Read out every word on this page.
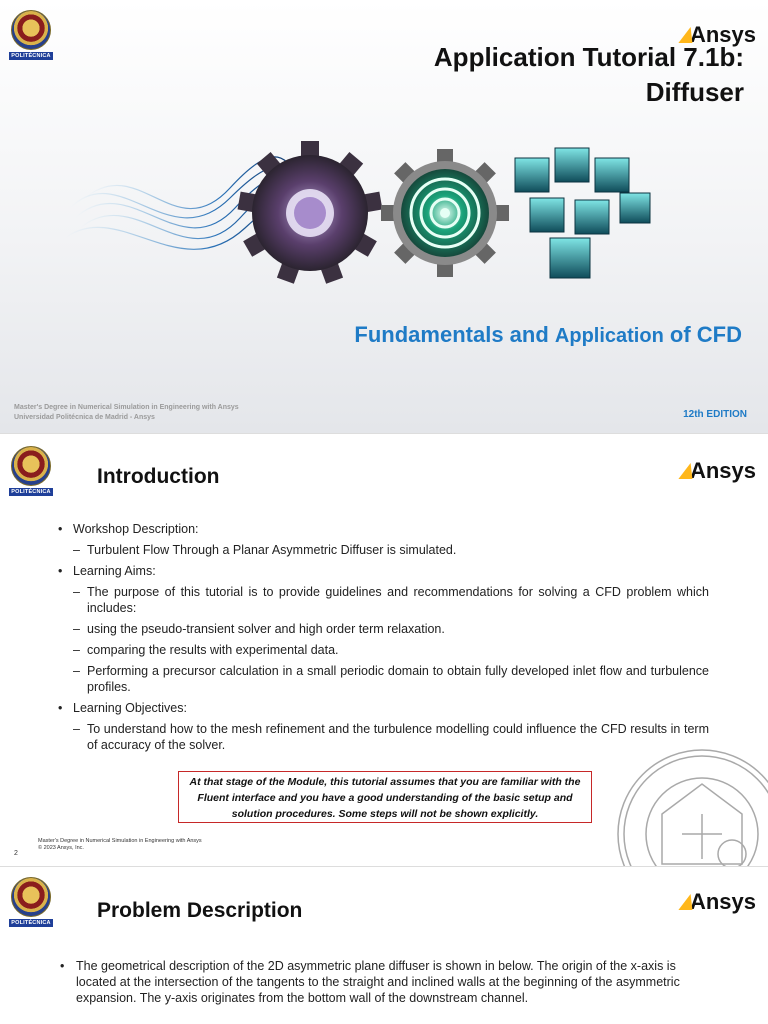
POLITÉCNICA
Ansys
Application Tutorial 7.1b:
Diffuser
Fundamentals and Application of CFD
Master's Degree in Numerical Simulation in Engineering with Ansys
Universidad Politécnica de Madrid - Ansys	12th EDITION
POLITÉCNICA
Ansys
Introduction
• Workshop Description:
– Turbulent Flow Through a Planar Asymmetric Diffuser is simulated.
• Learning Aims:
– The purpose of this tutorial is to provide guidelines and recommendations for solving a CFD problem which includes:
– using the pseudo-transient solver and high order term relaxation.
– comparing the results with experimental data.
– Performing a precursor calculation in a small periodic domain to obtain fully developed inlet flow and turbulence profiles.
• Learning Objectives:
– To understand how to the mesh refinement and the turbulence modelling could influence the CFD results in term of accuracy of the solver.
At that stage of the Module, this tutorial assumes that you are familiar with the Fluent interface and you have a good understanding of the basic setup and solution procedures. Some steps will not be shown explicitly.
Master's Degree in Numerical Simulation in Engineering with Ansys
© 2023 Ansys, Inc.
2
POLITÉCNICA
Ansys
Problem Description
• The geometrical description of the 2D asymmetric plane diffuser is shown in below. The origin of the x-axis is located at the intersection of the tangents to the straight and inclined walls at the beginning of the asymmetric expansion. The y-axis originates from the bottom wall of the downstream channel.
